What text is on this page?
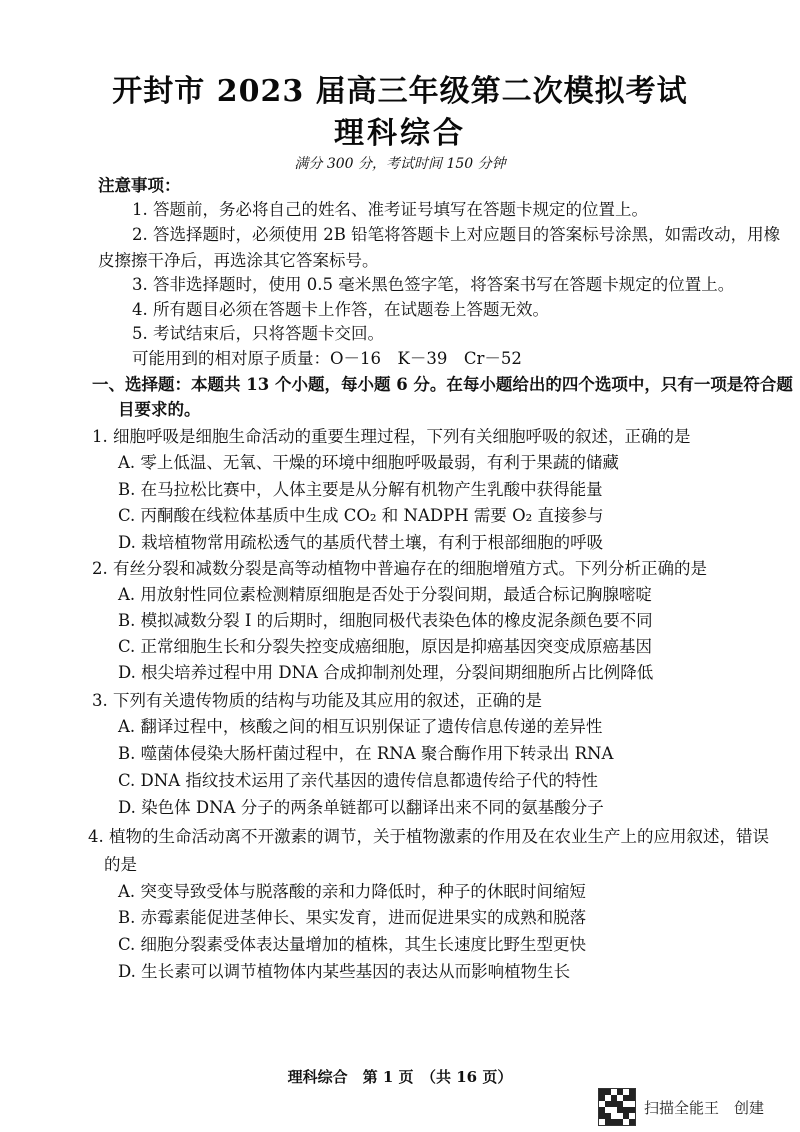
开封市 2023 届高三年级第二次模拟考试
理科综合
满分 300 分，考试时间 150 分钟
注意事项：
1. 答题前，务必将自己的姓名、准考证号填写在答题卡规定的位置上。
2. 答选择题时，必须使用 2B 铅笔将答题卡上对应题目的答案标号涂黑，如需改动，用橡
皮擦擦干净后，再选涂其它答案标号。
3. 答非选择题时，使用 0.5 毫米黑色签字笔，将答案书写在答题卡规定的位置上。
4. 所有题目必须在答题卡上作答，在试题卷上答题无效。
5. 考试结束后，只将答题卡交回。
可能用到的相对原子质量：O－16　K－39　Cr－52
一、选择题：本题共 13 个小题，每小题 6 分。在每小题给出的四个选项中，只有一项是符合题
目要求的。
1. 细胞呼吸是细胞生命活动的重要生理过程，下列有关细胞呼吸的叙述，正确的是
A. 零上低温、无氧、干燥的环境中细胞呼吸最弱，有利于果蔬的储藏
B. 在马拉松比赛中，人体主要是从分解有机物产生乳酸中获得能量
C. 丙酮酸在线粒体基质中生成 CO₂ 和 NADPH 需要 O₂ 直接参与
D. 栽培植物常用疏松透气的基质代替土壤，有利于根部细胞的呼吸
2. 有丝分裂和减数分裂是高等动植物中普遍存在的细胞增殖方式。下列分析正确的是
A. 用放射性同位素检测精原细胞是否处于分裂间期，最适合标记胸腺嘧啶
B. 模拟减数分裂 I 的后期时，细胞同极代表染色体的橡皮泥条颜色要不同
C. 正常细胞生长和分裂失控变成癌细胞，原因是抑癌基因突变成原癌基因
D. 根尖培养过程中用 DNA 合成抑制剂处理，分裂间期细胞所占比例降低
3. 下列有关遗传物质的结构与功能及其应用的叙述，正确的是
A. 翻译过程中，核酸之间的相互识别保证了遗传信息传递的差异性
B. 噬菌体侵染大肠杆菌过程中，在 RNA 聚合酶作用下转录出 RNA
C. DNA 指纹技术运用了亲代基因的遗传信息都遗传给子代的特性
D. 染色体 DNA 分子的两条单链都可以翻译出来不同的氨基酸分子
4. 植物的生命活动离不开激素的调节，关于植物激素的作用及在农业生产上的应用叙述，错误
的是
A. 突变导致受体与脱落酸的亲和力降低时，种子的休眠时间缩短
B. 赤霉素能促进茎伸长、果实发育，进而促进果实的成熟和脱落
C. 细胞分裂素受体表达量增加的植株，其生长速度比野生型更快
D. 生长素可以调节植物体内某些基因的表达从而影响植物生长
理科综合　第 1 页　（共 16 页）
扫描全能王　创建
